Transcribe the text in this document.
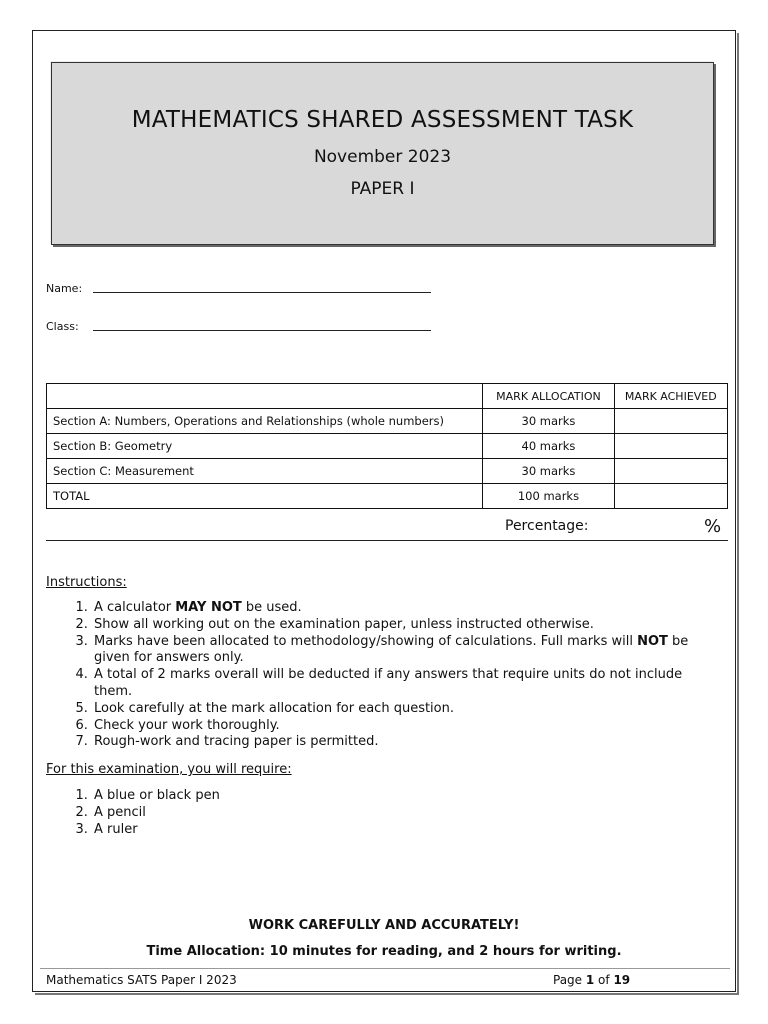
MATHEMATICS SHARED ASSESSMENT TASK
November 2023
PAPER I
Name:
Class:
	MARK ALLOCATION	MARK ACHIEVED
Section A: Numbers, Operations and Relationships (whole numbers)	30 marks	
Section B: Geometry	40 marks	
Section C: Measurement	30 marks	
TOTAL	100 marks	
Percentage:	%
Instructions:
1. A calculator MAY NOT be used.
2. Show all working out on the examination paper, unless instructed otherwise.
3. Marks have been allocated to methodology/showing of calculations. Full marks will NOT be given for answers only.
4. A total of 2 marks overall will be deducted if any answers that require units do not include them.
5. Look carefully at the mark allocation for each question.
6. Check your work thoroughly.
7. Rough-work and tracing paper is permitted.
For this examination, you will require:
1. A blue or black pen
2. A pencil
3. A ruler
WORK CAREFULLY AND ACCURATELY!
Time Allocation: 10 minutes for reading, and 2 hours for writing.
Mathematics SATS Paper I 2023	Page 1 of 19
